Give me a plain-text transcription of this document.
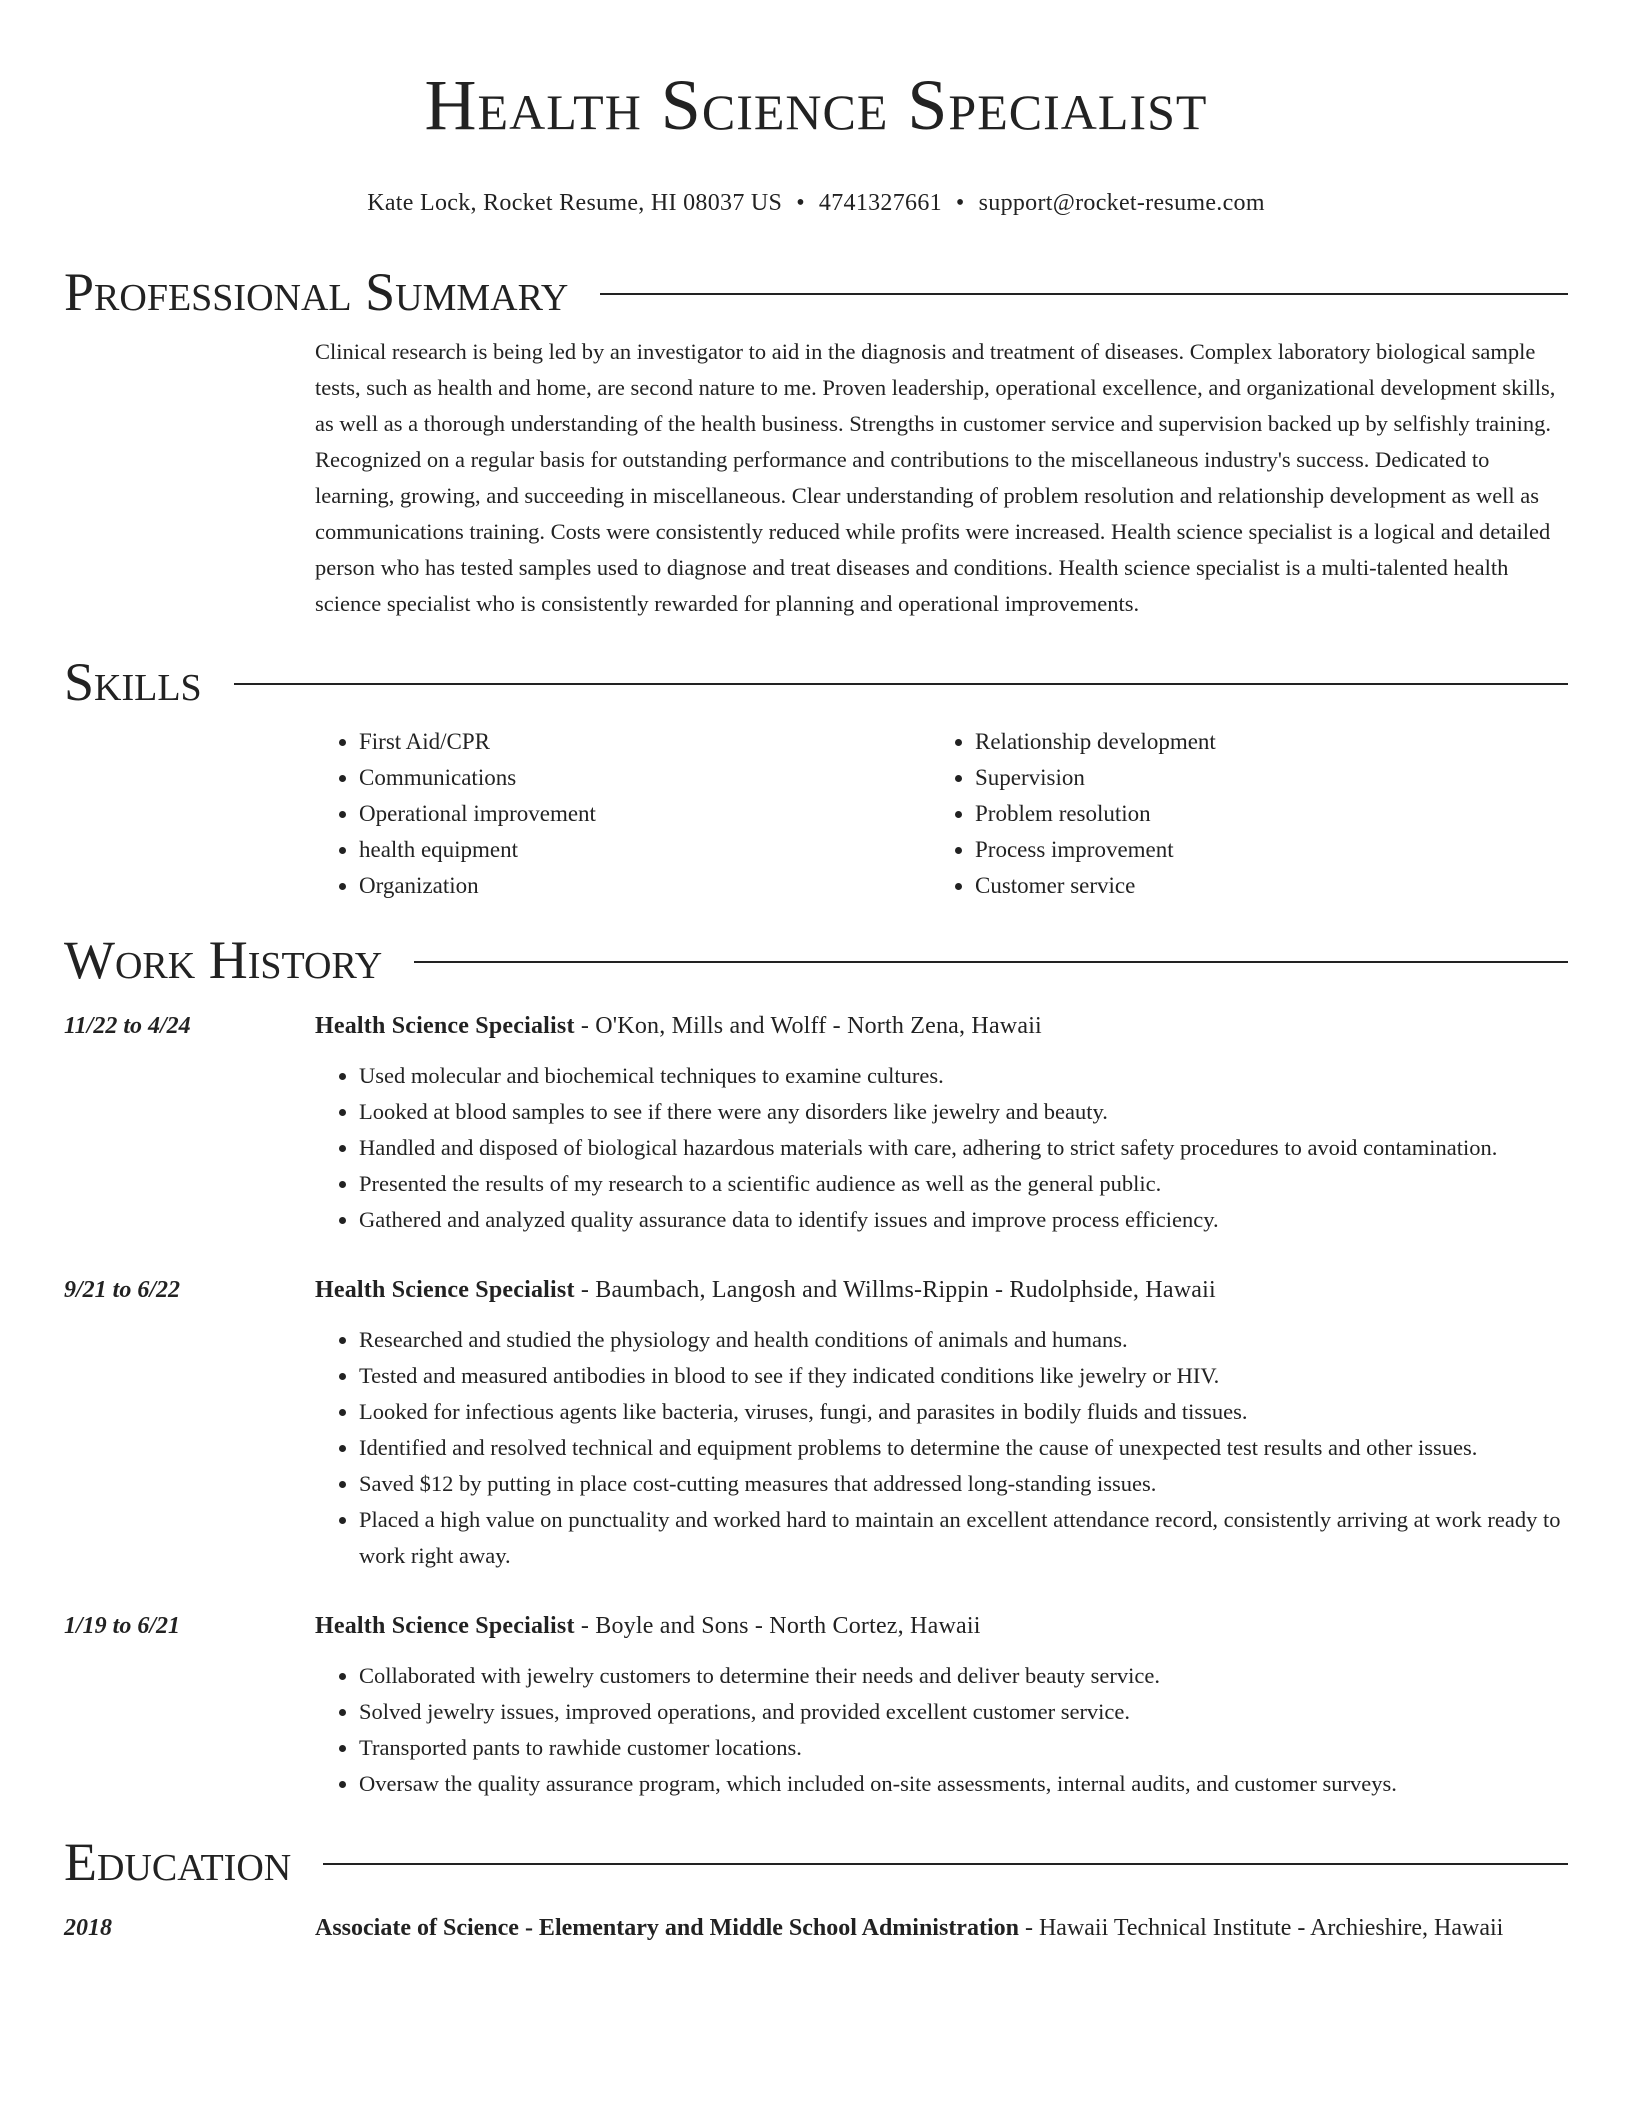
Health Science Specialist
Kate Lock, Rocket Resume, HI 08037 US • 4741327661 • support@rocket-resume.com
Professional Summary
Clinical research is being led by an investigator to aid in the diagnosis and treatment of diseases. Complex laboratory biological sample tests, such as health and home, are second nature to me. Proven leadership, operational excellence, and organizational development skills, as well as a thorough understanding of the health business. Strengths in customer service and supervision backed up by selfishly training. Recognized on a regular basis for outstanding performance and contributions to the miscellaneous industry's success. Dedicated to learning, growing, and succeeding in miscellaneous. Clear understanding of problem resolution and relationship development as well as communications training. Costs were consistently reduced while profits were increased. Health science specialist is a logical and detailed person who has tested samples used to diagnose and treat diseases and conditions. Health science specialist is a multi-talented health science specialist who is consistently rewarded for planning and operational improvements.
Skills
• First Aid/CPR
• Communications
• Operational improvement
• health equipment
• Organization
• Relationship development
• Supervision
• Problem resolution
• Process improvement
• Customer service
Work History
11/22 to 4/24	Health Science Specialist - O'Kon, Mills and Wolff - North Zena, Hawaii
• Used molecular and biochemical techniques to examine cultures.
• Looked at blood samples to see if there were any disorders like jewelry and beauty.
• Handled and disposed of biological hazardous materials with care, adhering to strict safety procedures to avoid contamination.
• Presented the results of my research to a scientific audience as well as the general public.
• Gathered and analyzed quality assurance data to identify issues and improve process efficiency.
9/21 to 6/22	Health Science Specialist - Baumbach, Langosh and Willms-Rippin - Rudolphside, Hawaii
• Researched and studied the physiology and health conditions of animals and humans.
• Tested and measured antibodies in blood to see if they indicated conditions like jewelry or HIV.
• Looked for infectious agents like bacteria, viruses, fungi, and parasites in bodily fluids and tissues.
• Identified and resolved technical and equipment problems to determine the cause of unexpected test results and other issues.
• Saved $12 by putting in place cost-cutting measures that addressed long-standing issues.
• Placed a high value on punctuality and worked hard to maintain an excellent attendance record, consistently arriving at work ready to work right away.
1/19 to 6/21	Health Science Specialist - Boyle and Sons - North Cortez, Hawaii
• Collaborated with jewelry customers to determine their needs and deliver beauty service.
• Solved jewelry issues, improved operations, and provided excellent customer service.
• Transported pants to rawhide customer locations.
• Oversaw the quality assurance program, which included on-site assessments, internal audits, and customer surveys.
Education
2018	Associate of Science - Elementary and Middle School Administration - Hawaii Technical Institute - Archieshire, Hawaii
